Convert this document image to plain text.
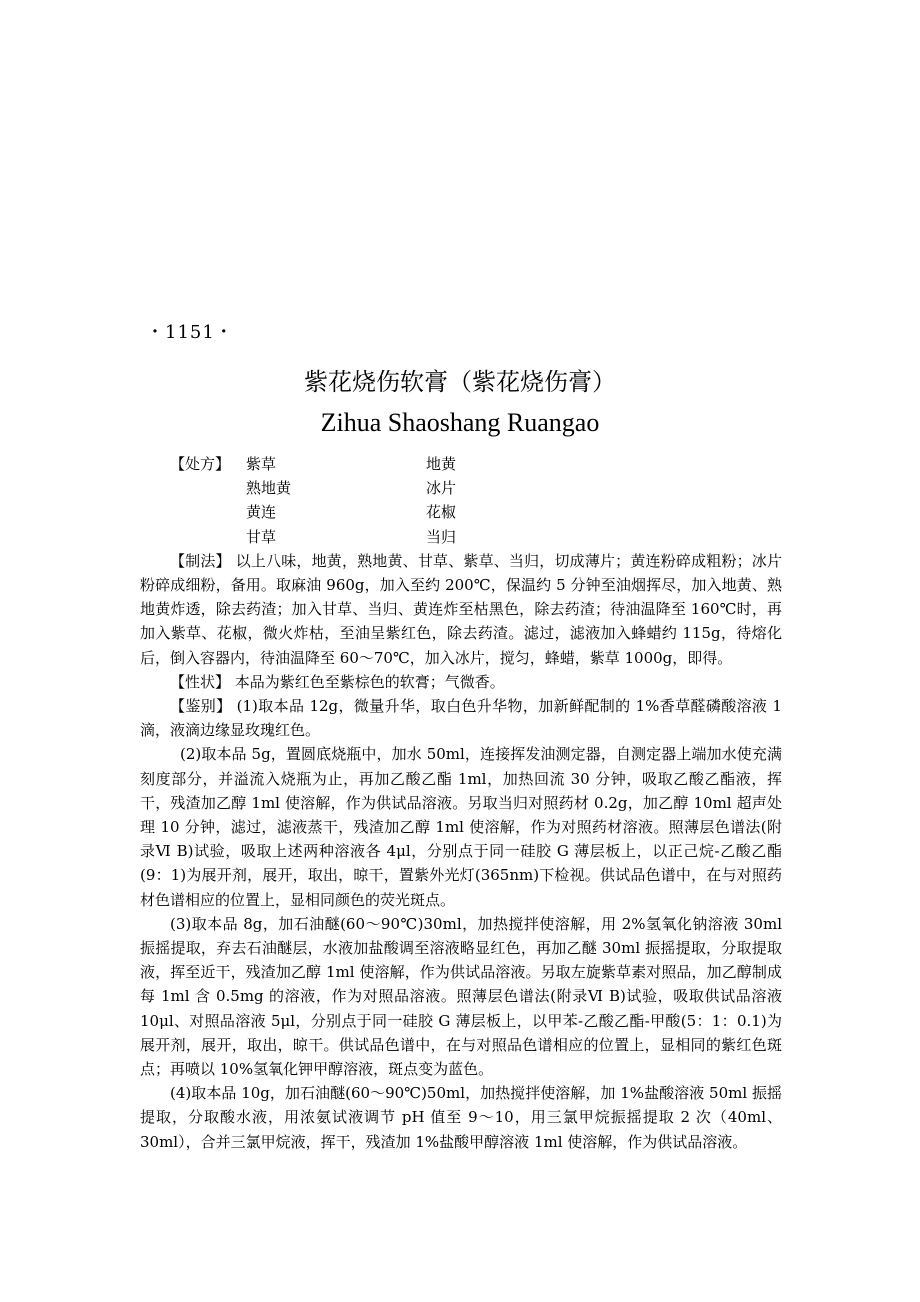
・1151・
紫花烧伤软膏（紫花烧伤膏）
Zihua Shaoshang Ruangao
【处方】	紫草	地黄
熟地黄	冰片
黄连	花椒
甘草	当归

【制法】 以上八味，地黄，熟地黄、甘草、紫草、当归，切成薄片；黄连粉碎成粗粉；冰片粉碎成细粉，备用。取麻油 960g，加入至约 200℃，保温约 5 分钟至油烟挥尽，加入地黄、熟地黄炸透，除去药渣；加入甘草、当归、黄连炸至枯黑色，除去药渣；待油温降至 160℃时，再加入紫草、花椒，微火炸枯，至油呈紫红色，除去药渣。滤过，滤液加入蜂蜡约 115g，待熔化后，倒入容器内，待油温降至 60～70℃，加入冰片，搅匀，蜂蜡，紫草 1000g，即得。

【性状】 本品为紫红色至紫棕色的软膏；气微香。

【鉴别】 (1)取本品 12g，微量升华，取白色升华物，加新鲜配制的 1%香草醛磷酸溶液 1 滴，液滴边缘显玫瑰红色。

(2)取本品 5g，置圆底烧瓶中，加水 50ml，连接挥发油测定器，自测定器上端加水使充满刻度部分，并溢流入烧瓶为止，再加乙酸乙酯 1ml，加热回流 30 分钟，吸取乙酸乙酯液，挥干，残渣加乙醇 1ml 使溶解，作为供试品溶液。另取当归对照药材 0.2g，加乙醇 10ml 超声处理 10 分钟，滤过，滤液蒸干，残渣加乙醇 1ml 使溶解，作为对照药材溶液。照薄层色谱法(附录Ⅵ B)试验，吸取上述两种溶液各 4μl，分别点于同一硅胶 G 薄层板上，以正己烷-乙酸乙酯(9：1)为展开剂，展开，取出，晾干，置紫外光灯(365nm)下检视。供试品色谱中，在与对照药材色谱相应的位置上，显相同颜色的荧光斑点。

(3)取本品 8g，加石油醚(60～90℃)30ml，加热搅拌使溶解，用 2%氢氧化钠溶液 30ml 振摇提取，弃去石油醚层，水液加盐酸调至溶液略显红色，再加乙醚 30ml 振摇提取，分取提取液，挥至近干，残渣加乙醇 1ml 使溶解，作为供试品溶液。另取左旋紫草素对照品，加乙醇制成每 1ml 含 0.5mg 的溶液，作为对照品溶液。照薄层色谱法(附录Ⅵ B)试验，吸取供试品溶液 10μl、对照品溶液 5μl，分别点于同一硅胶 G 薄层板上，以甲苯-乙酸乙酯-甲酸(5：1：0.1)为展开剂，展开，取出，晾干。供试品色谱中，在与对照品色谱相应的位置上，显相同的紫红色斑点；再喷以 10%氢氧化钾甲醇溶液，斑点变为蓝色。

(4)取本品 10g，加石油醚(60～90℃)50ml，加热搅拌使溶解，加 1%盐酸溶液 50ml 振摇提取，分取酸水液，用浓氨试液调节 pH 值至 9～10，用三氯甲烷振摇提取 2 次（40ml、30ml），合并三氯甲烷液，挥干，残渣加 1%盐酸甲醇溶液 1ml 使溶解，作为供试品溶液。
